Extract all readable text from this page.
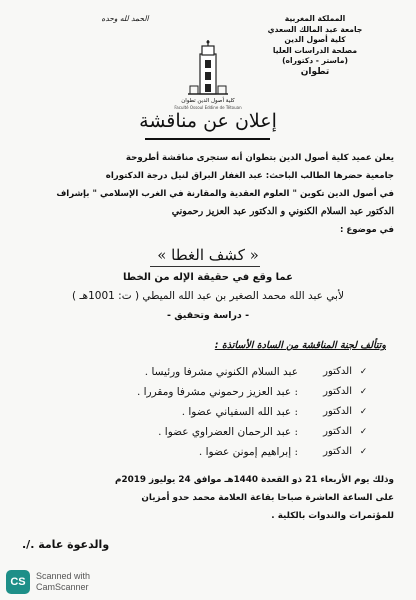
المملكة المغربية
جامعة عبد المالك السعدي
كلية أصول الدين
مصلحة الدراسات العليا
(ماستر - دكتوراه)
تطوان
الحمد لله وحده
كلية أصول الدين تطوان
Faculté Ossoul Eddine de Tétouan
إعلان عن مناقشة
يعلن عميد كلية أصول الدين بتطوان أنه ستجرى مناقشة أطروحة
جامعية حضرها الطالب الباحث: عبد الغفار البراق لنيل درجة الدكتوراه
في أصول الدين تكوين " العلوم العقدية والمقارنة في الغرب الإسلامي " بإشراف
الدكتور عبد السلام الكنوني و الدكتور عبد العزيز رحموني
في موضوع :
« كشف الغطا »
عما وقع في حقيقة الإله من الخطا
لأبي عبد الله محمد الصغير بن عبد الله الميطي ( ت: 1001هـ )
- دراسة وتحقيق -
وتتألف لجنة المناقشة من السادة الأساتذة :
✓
الدكتور
عبد السلام الكنوني مشرفا ورئيسا .
✓
الدكتور
: عبد العزيز رحموني مشرفا ومقررا .
✓
الدكتور
: عبد الله السفياني عضوا .
✓
الدكتور
: عبد الرحمان العضراوي عضوا .
✓
الدكتور
: إبراهيم إمونن عضوا .
وذلك يوم الأربعاء 21 ذو القعدة 1440هـ موافق 24 يوليوز 2019م
على الساعة العاشرة صباحا بقاعة العلامة محمد حدو أمزيان
للمؤتمرات والندوات بالكلية .
والدعوة عامة ./.
CS	Scanned with
CamScanner
